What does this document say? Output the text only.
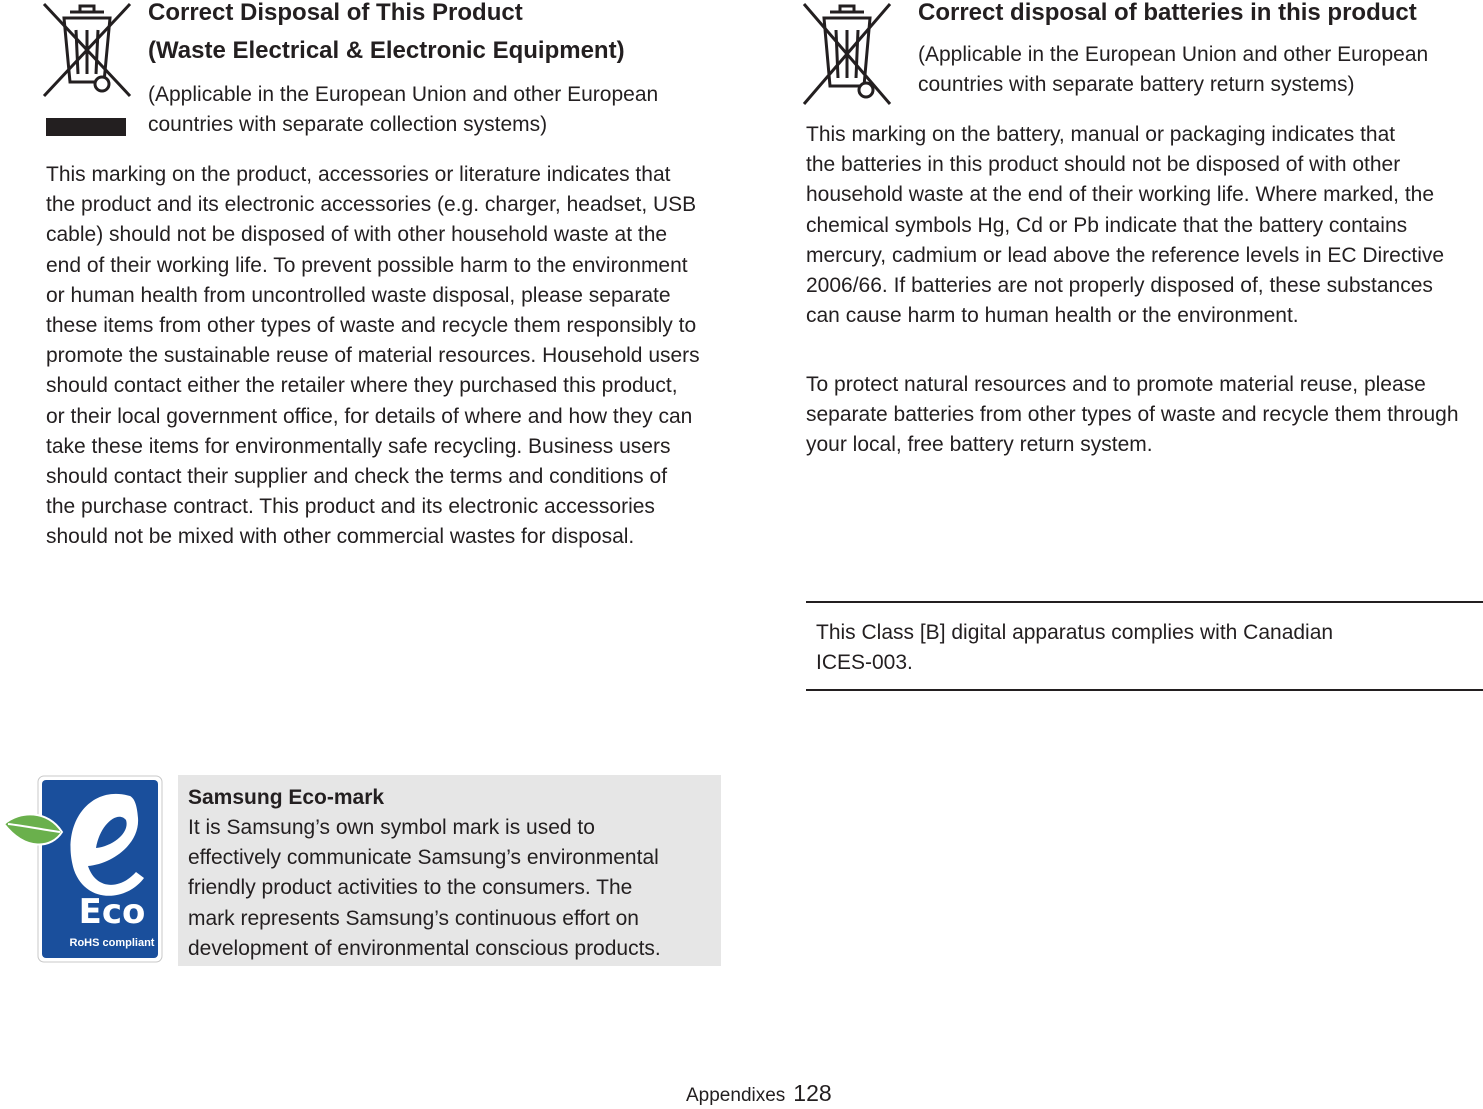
Correct Disposal of This Product
(Waste Electrical & Electronic Equipment)
(Applicable in the European Union and other European
countries with separate collection systems)
This marking on the product, accessories or literature indicates that
the product and its electronic accessories (e.g. charger, headset, USB
cable) should not be disposed of with other household waste at the
end of their working life. To prevent possible harm to the environment
or human health from uncontrolled waste disposal, please separate
these items from other types of waste and recycle them responsibly to
promote the sustainable reuse of material resources. Household users
should contact either the retailer where they purchased this product,
or their local government office, for details of where and how they can
take these items for environmentally safe recycling. Business users
should contact their supplier and check the terms and conditions of
the purchase contract. This product and its electronic accessories
should not be mixed with other commercial wastes for disposal.
Correct disposal of batteries in this product
(Applicable in the European Union and other European
countries with separate battery return systems)
This marking on the battery, manual or packaging indicates that
the batteries in this product should not be disposed of with other
household waste at the end of their working life. Where marked, the
chemical symbols Hg, Cd or Pb indicate that the battery contains
mercury, cadmium or lead above the reference levels in EC Directive
2006/66. If batteries are not properly disposed of, these substances
can cause harm to human health or the environment.
To protect natural resources and to promote material reuse, please
separate batteries from other types of waste and recycle them through
your local, free battery return system.
This Class [B] digital apparatus complies with Canadian
ICES-003.
Eco
RoHS compliant
Samsung Eco-mark
It is Samsung’s own symbol mark is used to
effectively communicate Samsung’s environmental
friendly product activities to the consumers. The
mark represents Samsung’s continuous effort on
development of environmental conscious products.
Appendixes 128
